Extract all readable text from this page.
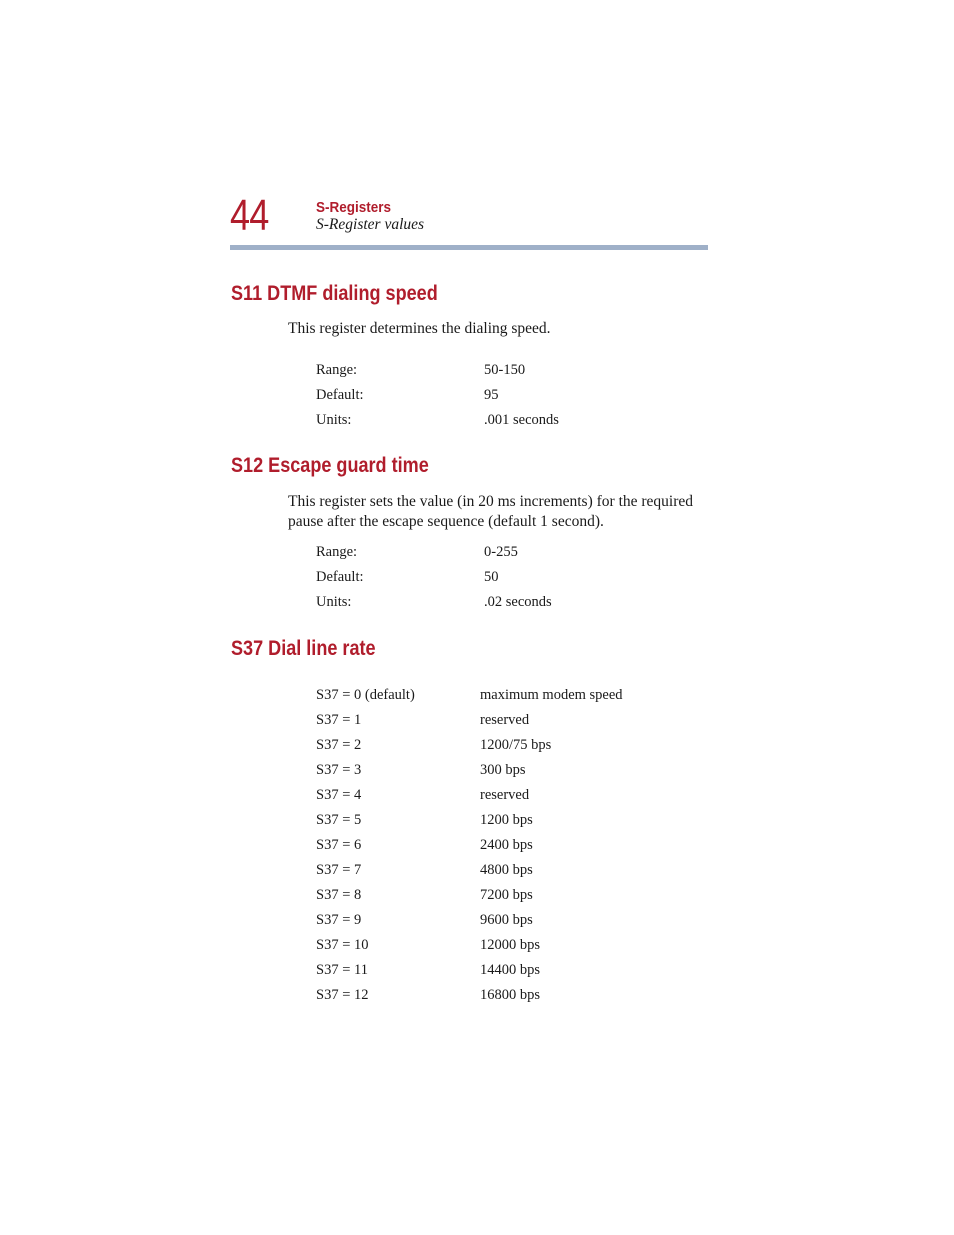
44	S-Registers
S-Register values
S11 DTMF dialing speed
This register determines the dialing speed.
Range:	50-150
Default:	95
Units:	.001 seconds
S12 Escape guard time
This register sets the value (in 20 ms increments) for the required pause after the escape sequence (default 1 second).
Range:	0-255
Default:	50
Units:	.02 seconds
S37 Dial line rate
S37 = 0 (default)	maximum modem speed
S37 = 1	reserved
S37 = 2	1200/75 bps
S37 = 3	300 bps
S37 = 4	reserved
S37 = 5	1200 bps
S37 = 6	2400 bps
S37 = 7	4800 bps
S37 = 8	7200 bps
S37 = 9	9600 bps
S37 = 10	12000 bps
S37 = 11	14400 bps
S37 = 12	16800 bps
